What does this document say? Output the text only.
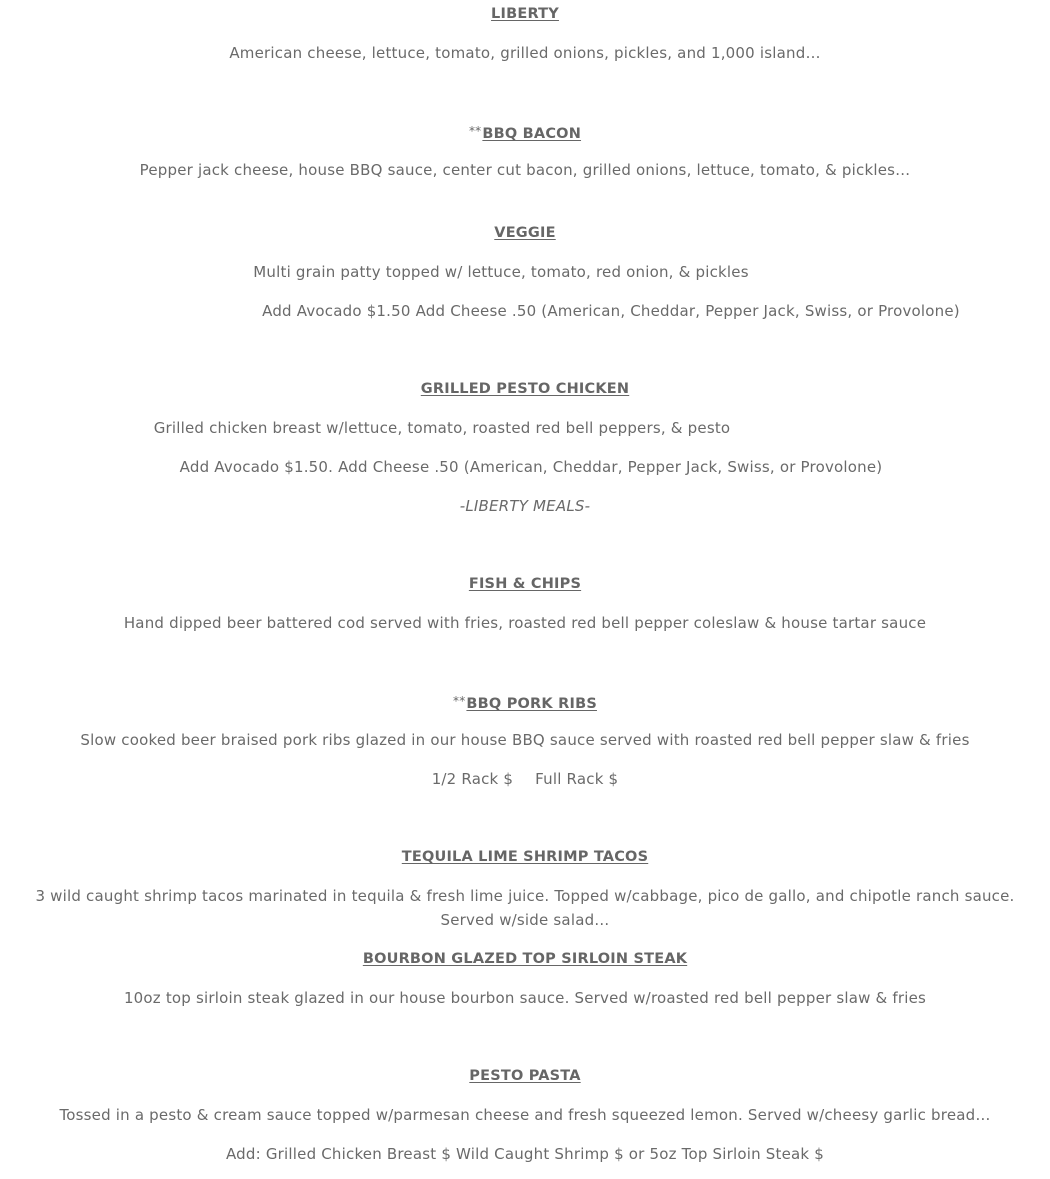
LIBERTY
American cheese, lettuce, tomato, grilled onions, pickles, and 1,000 island…
**BBQ BACON
Pepper jack cheese, house BBQ sauce, center cut bacon, grilled onions, lettuce, tomato, & pickles…
VEGGIE
Multi grain patty topped w/ lettuce, tomato, red onion, & pickles
Add Avocado $1.50 Add Cheese .50 (American, Cheddar, Pepper Jack, Swiss, or Provolone)
GRILLED PESTO CHICKEN
Grilled chicken breast w/lettuce, tomato, roasted red bell peppers, & pesto
Add Avocado $1.50. Add Cheese .50 (American, Cheddar, Pepper Jack, Swiss, or Provolone)
-LIBERTY MEALS-
FISH & CHIPS
Hand dipped beer battered cod served with fries, roasted red bell pepper coleslaw & house tartar sauce
**BBQ PORK RIBS
Slow cooked beer braised pork ribs glazed in our house BBQ sauce served with roasted red bell pepper slaw & fries
1/2 Rack $ Full Rack $
TEQUILA LIME SHRIMP TACOS
3 wild caught shrimp tacos marinated in tequila & fresh lime juice. Topped w/cabbage, pico de gallo, and chipotle ranch sauce. Served w/side salad…
BOURBON GLAZED TOP SIRLOIN STEAK
10oz top sirloin steak glazed in our house bourbon sauce. Served w/roasted red bell pepper slaw & fries
PESTO PASTA
Tossed in a pesto & cream sauce topped w/parmesan cheese and fresh squeezed lemon. Served w/cheesy garlic bread…
Add: Grilled Chicken Breast $ Wild Caught Shrimp $ or 5oz Top Sirloin Steak $
